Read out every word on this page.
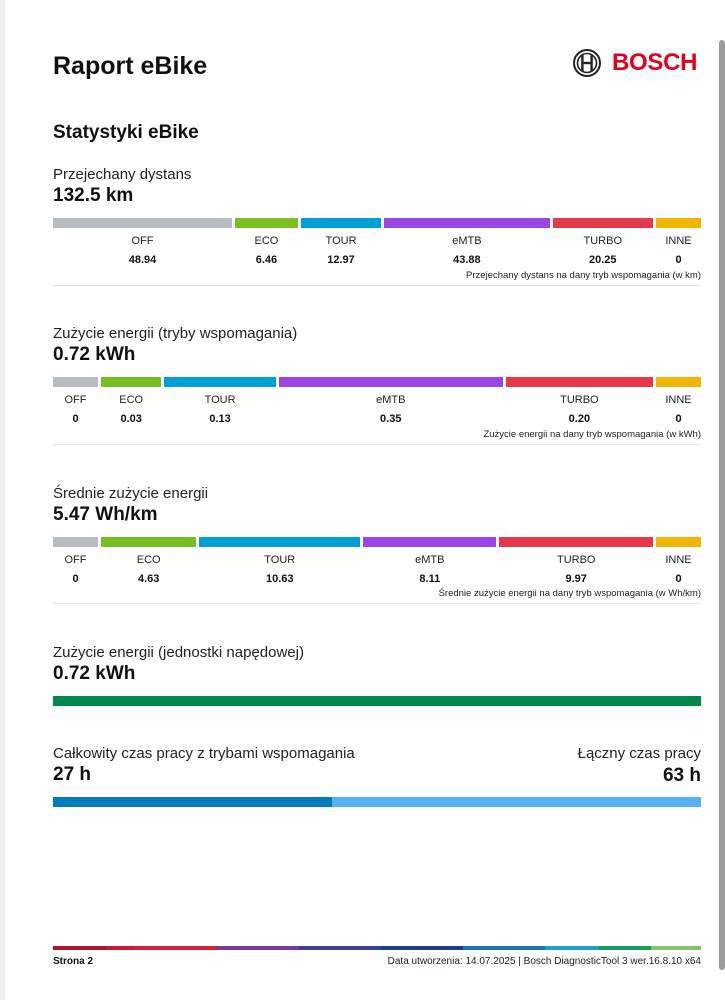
Raport eBike	BOSCH
Statystyki eBike
Przejechany dystans
132.5 km
Przejechany dystans na dany tryb wspomagania (w km)
OFF
48.94
ECO
6.46
TOUR
12.97
eMTB
43.88
TURBO
20.25
INNE
0
Zużycie energii (tryby wspomagania)
0.72 kWh
Zużycie energii na dany tryb wspomagania (w kWh)
OFF
0
ECO
0.03
TOUR
0.13
eMTB
0.35
TURBO
0.20
INNE
0
Średnie zużycie energii
5.47 Wh/km
Średnie zużycie energii na dany tryb wspomagania (w Wh/km)
OFF
0
ECO
4.63
TOUR
10.63
eMTB
8.11
TURBO
9.97
INNE
0
Zużycie energii (jednostki napędowej)
0.72 kWh
Całkowity czas pracy z trybami wspomagania
27 h
Łączny czas pracy
63 h
Strona 2	Data utworzenia: 14.07.2025 | Bosch DiagnosticTool 3 wer.16.8.10 x64
